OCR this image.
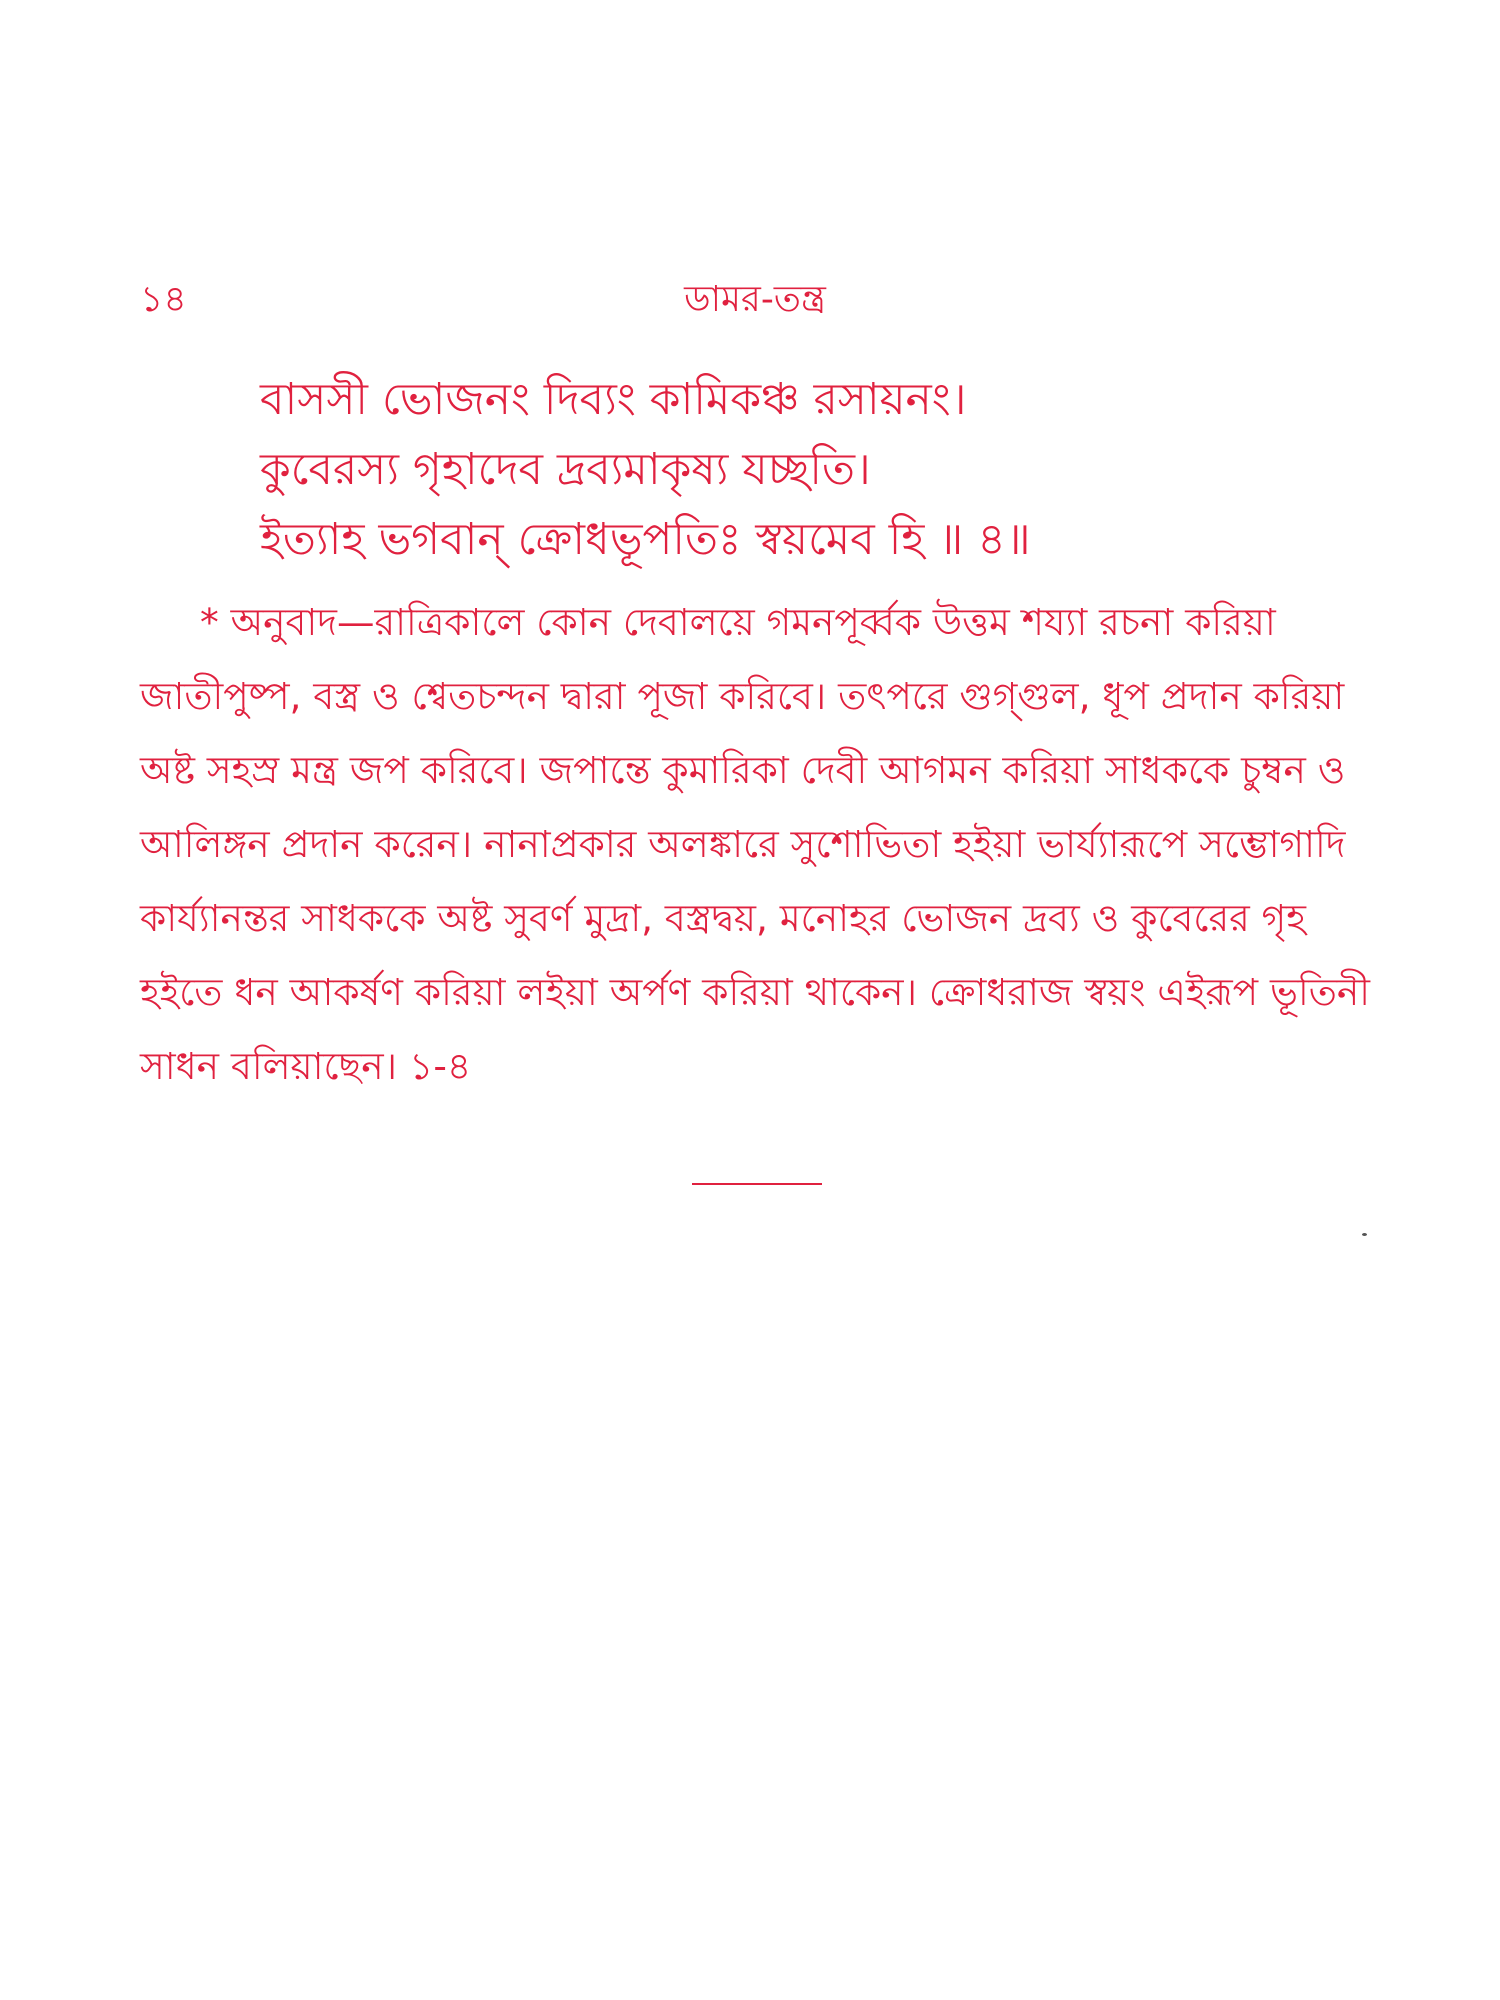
১৪	ডামর-তন্ত্র
বাসসী ভোজনং দিব্যং কামিকঞ্চ রসায়নং।
কুবেরস্য গৃহাদেব দ্রব্যমাকৃষ্য যচ্ছতি।
ইত্যাহ ভগবান্ ক্রোধভূপতিঃ স্বয়মেব হি ॥ ৪॥

* অনুবাদ—রাত্রিকালে কোন দেবালয়ে গমনপূর্ব্বক উত্তম শয্যা রচনা করিয়া জাতীপুষ্প, বস্ত্র ও শ্বেতচন্দন দ্বারা পূজা করিবে। তৎপরে গুগ্গুল, ধূপ প্রদান করিয়া অষ্ট সহস্র মন্ত্র জপ করিবে। জপান্তে কুমারিকা দেবী আগমন করিয়া সাধককে চুম্বন ও আলিঙ্গন প্রদান করেন। নানাপ্রকার অলঙ্কারে সুশোভিতা হইয়া ভার্য্যারূপে সম্ভোগাদি কার্য্যানন্তর সাধককে অষ্ট সুবর্ণ মুদ্রা, বস্ত্রদ্বয়, মনোহর ভোজন দ্রব্য ও কুবেরের গৃহ হইতে ধন আকর্ষণ করিয়া লইয়া অর্পণ করিয়া থাকেন। ক্রোধরাজ স্বয়ং এইরূপ ভূতিনী সাধন বলিয়াছেন। ১-৪
